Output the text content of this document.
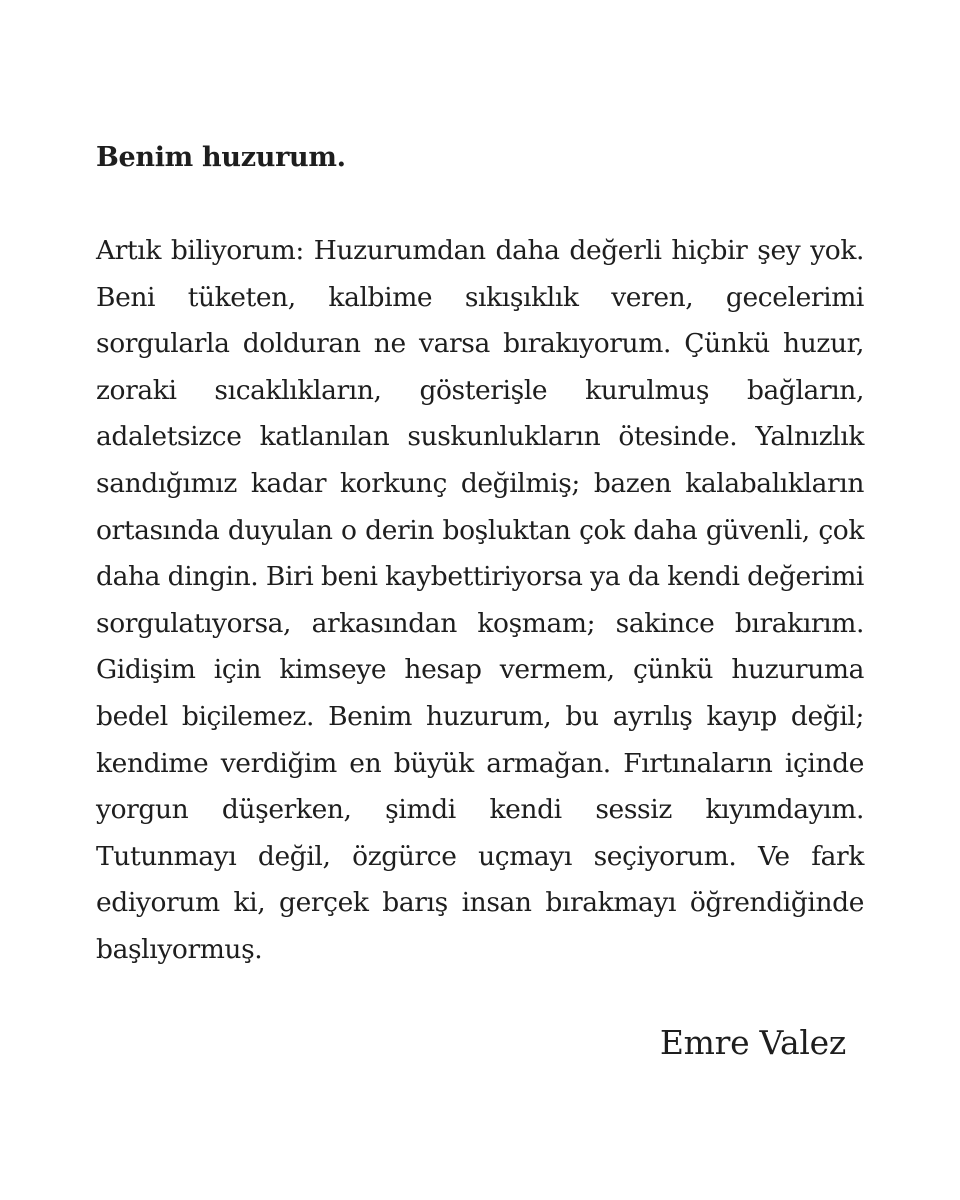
Benim huzurum.

Artık biliyorum: Huzurumdan daha değerli hiçbir şey yok. Beni tüketen, kalbime sıkışıklık veren, gecelerimi sorgularla dolduran ne varsa bırakıyorum. Çünkü huzur, zoraki sıcaklıkların, gösterişle kurulmuş bağların, adaletsizce katlanılan suskunlukların ötesinde. Yalnızlık sandığımız kadar korkunç değilmiş; bazen kalabalıkların ortasında duyulan o derin boşluktan çok daha güvenli, çok daha dingin. Biri beni kaybettiriyorsa ya da kendi değerimi sorgulatıyorsa, arkasından koşmam; sakince bırakırım. Gidişim için kimseye hesap vermem, çünkü huzuruma bedel biçilemez. Benim huzurum, bu ayrılış kayıp değil; kendime verdiğim en büyük armağan. Fırtınaların içinde yorgun düşerken, şimdi kendi sessiz kıyımdayım. Tutunmayı değil, özgürce uçmayı seçiyorum. Ve fark ediyorum ki, gerçek barış insan bırakmayı öğrendiğinde başlıyormuş.

Emre Valez
